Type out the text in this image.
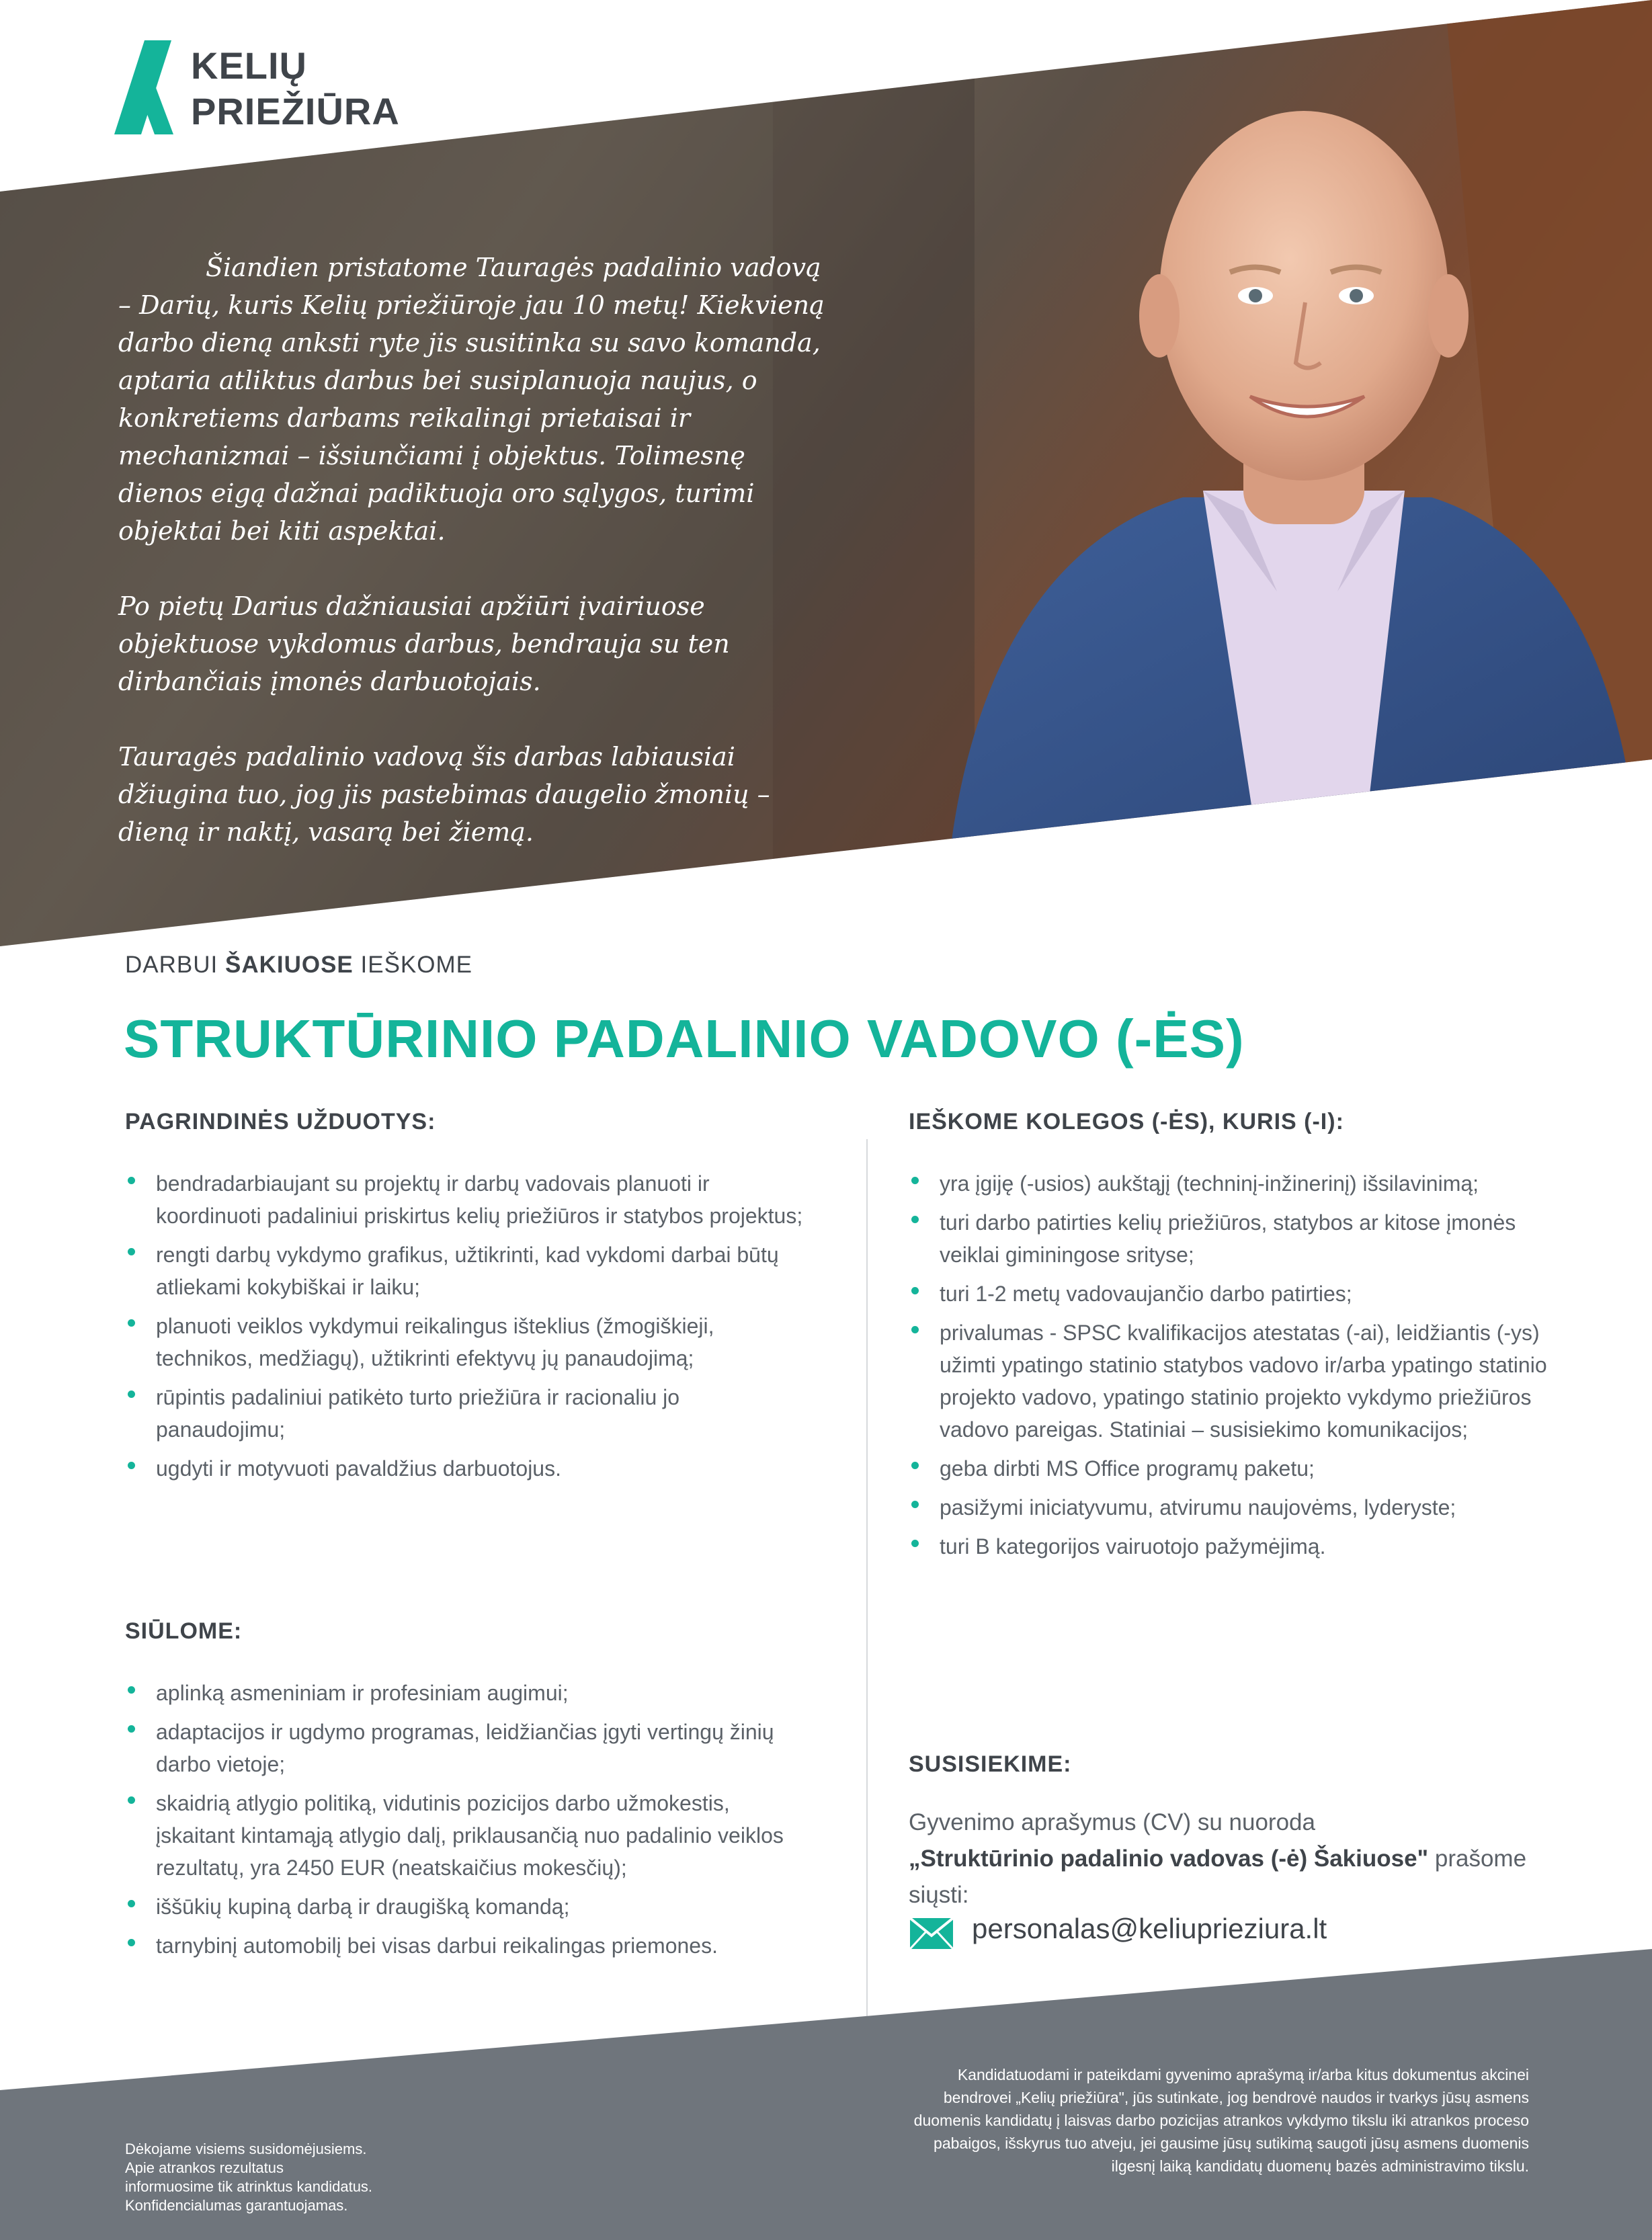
KELIŲ
PRIEŽIŪRA

Šiandien pristatome Tauragės padalinio vadovą – Darių, kuris Kelių priežiūroje jau 10 metų! Kiekvieną darbo dieną anksti ryte jis susitinka su savo komanda, aptaria atliktus darbus bei susiplanuoja naujus, o konkretiems darbams reikalingi prietaisai ir mechanizmai – išsiunčiami į objektus. Tolimesnę dienos eigą dažnai padiktuoja oro sąlygos, turimi objektai bei kiti aspektai.

Po pietų Darius dažniausiai apžiūri įvairiuose objektuose vykdomus darbus, bendrauja su ten dirbančiais įmonės darbuotojais.

Tauragės padalinio vadovą šis darbas labiausiai džiugina tuo, jog jis pastebimas daugelio žmonių – dieną ir naktį, vasarą bei žiemą.

DARBUI ŠAKIUOSE IEŠKOME
STRUKTŪRINIO PADALINIO VADOVO (-ĖS)
PAGRINDINĖS UŽDUOTYS:
bendradarbiaujant su projektų ir darbų vadovais planuoti ir koordinuoti padaliniui priskirtus kelių priežiūros ir statybos projektus;
rengti darbų vykdymo grafikus, užtikrinti, kad vykdomi darbai būtų atliekami kokybiškai ir laiku;
planuoti veiklos vykdymui reikalingus išteklius (žmogiškieji, technikos, medžiagų), užtikrinti efektyvų jų panaudojimą;
rūpintis padaliniui patikėto turto priežiūra ir racionaliu jo panaudojimu;
ugdyti ir motyvuoti pavaldžius darbuotojus.
SIŪLOME:
aplinką asmeniniam ir profesiniam augimui;
adaptacijos ir ugdymo programas, leidžiančias įgyti vertingų žinių darbo vietoje;
skaidrią atlygio politiką, vidutinis pozicijos darbo užmokestis, įskaitant kintamąją atlygio dalį, priklausančią nuo padalinio veiklos rezultatų, yra 2450 EUR (neatskaičius mokesčių);
iššūkių kupiną darbą ir draugišką komandą;
tarnybinį automobilį bei visas darbui reikalingas priemones.
IEŠKOME KOLEGOS (-ĖS), KURIS (-I):
yra įgiję (-usios) aukštąjį (techninį-inžinerinį) išsilavinimą;
turi darbo patirties kelių priežiūros, statybos ar kitose įmonės veiklai giminingose srityse;
turi 1-2 metų vadovaujančio darbo patirties;
privalumas - SPSC kvalifikacijos atestatas (-ai), leidžiantis (-ys) užimti ypatingo statinio statybos vadovo ir/arba ypatingo statinio projekto vadovo, ypatingo statinio projekto vykdymo priežiūros vadovo pareigas. Statiniai – susisiekimo komunikacijos;
geba dirbti MS Office programų paketu;
pasižymi iniciatyvumu, atvirumu naujovėms, lyderyste;
turi B kategorijos vairuotojo pažymėjimą.
SUSISIEKIME:
Gyvenimo aprašymus (CV) su nuoroda
„Struktūrinio padalinio vadovas (-ė) Šakiuose" prašome siųsti:
personalas@keliuprieziura.lt
Dėkojame visiems susidomėjusiems.
Apie atrankos rezultatus
informuosime tik atrinktus kandidatus.
Konfidencialumas garantuojamas.
Kandidatuodami ir pateikdami gyvenimo aprašymą ir/arba kitus dokumentus akcinei bendrovei „Kelių priežiūra", jūs sutinkate, jog bendrovė naudos ir tvarkys jūsų asmens duomenis kandidatų į laisvas darbo pozicijas atrankos vykdymo tikslu iki atrankos proceso pabaigos, išskyrus tuo atveju, jei gausime jūsų sutikimą saugoti jūsų asmens duomenis ilgesnį laiką kandidatų duomenų bazės administravimo tikslu.
